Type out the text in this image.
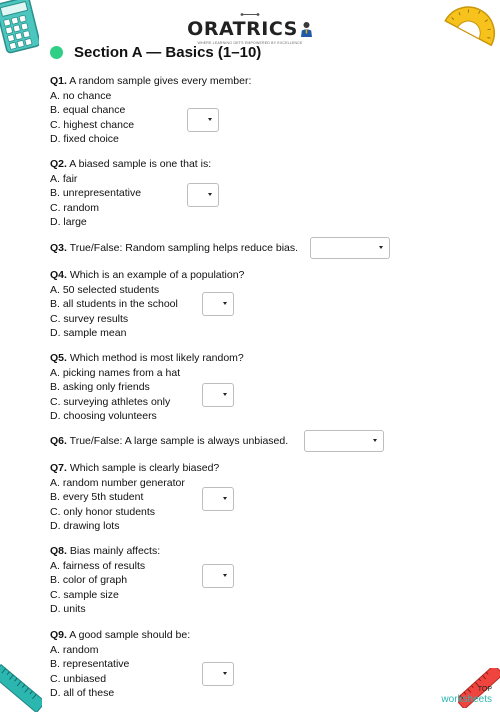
ORATRICS
WHERE LEARNING GETS EMPOWERED BY EXCELLENCE
Section A — Basics (1–10)
Q1. A random sample gives every member:
A. no chance
B. equal chance
C. highest chance
D. fixed choice
Q2. A biased sample is one that is:
A. fair
B. unrepresentative
C. random
D. large
Q3. True/False: Random sampling helps reduce bias.
Q4. Which is an example of a population?
A. 50 selected students
B. all students in the school
C. survey results
D. sample mean
Q5. Which method is most likely random?
A. picking names from a hat
B. asking only friends
C. surveying athletes only
D. choosing volunteers
Q6. True/False: A large sample is always unbiased.
Q7. Which sample is clearly biased?
A. random number generator
B. every 5th student
C. only honor students
D. drawing lots
Q8. Bias mainly affects:
A. fairness of results
B. color of graph
C. sample size
D. units
Q9. A good sample should be:
A. random
B. representative
C. unbiased
D. all of these	TOP
worksheets
